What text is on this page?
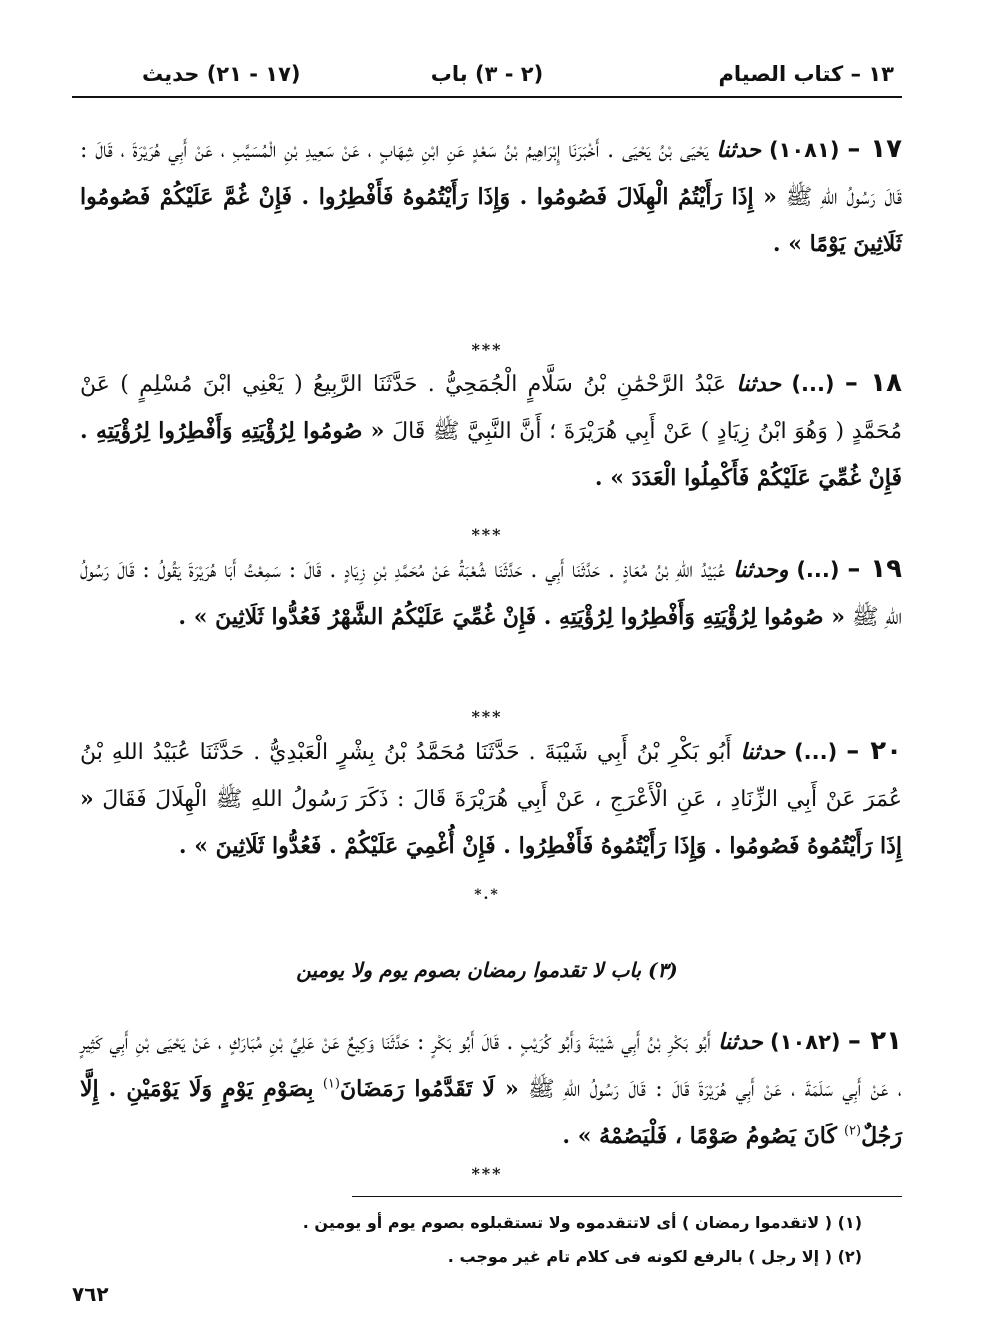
١٣ – كتاب الصيام
(٢ - ٣) باب
(١٧ - ٢١) حديث

١٧ – (١٠٨١) حدثنا يَحْيَى بْنُ يَحْيَى . أَخْبَرَنَا إِبْرَاهِيمُ بْنُ سَعْدٍ عَنِ ابْنِ شِهَابٍ ، عَنْ سَعِيدِ بْنِ الْمُسَيَّبِ ، عَنْ أَبِي هُرَيْرَةَ ، قَالَ : قَالَ رَسُولُ اللهِ ﷺ « إِذَا رَأَيْتُمُ الْهِلَالَ فَصُومُوا . وَإِذَا رَأَيْتُمُوهُ فَأَفْطِرُوا . فَإِنْ غُمَّ عَلَيْكُمْ فَصُومُوا ثَلَاثِينَ يَوْمًا » .

***

١٨ – (...) حدثنا عَبْدُ الرَّحْمَٰنِ بْنُ سَلَّامٍ الْجُمَحِيُّ . حَدَّثَنَا الرَّبِيعُ ( يَعْنِي ابْنَ مُسْلِمٍ ) عَنْ مُحَمَّدٍ ( وَهُوَ ابْنُ زِيَادٍ ) عَنْ أَبِي هُرَيْرَةَ ؛ أَنَّ النَّبِيَّ ﷺ قَالَ « صُومُوا لِرُؤْيَتِهِ وَأَفْطِرُوا لِرُؤْيَتِهِ . فَإِنْ غُمِّيَ عَلَيْكُمْ فَأَكْمِلُوا الْعَدَدَ » .

***

١٩ – (...) وحدثنا عُبَيْدُ اللهِ بْنُ مُعَاذٍ . حَدَّثَنَا أَبِي . حَدَّثَنَا شُعْبَةُ عَنْ مُحَمَّدِ بْنِ زِيَادٍ . قَالَ : سَمِعْتُ أَبَا هُرَيْرَةَ يَقُولُ : قَالَ رَسُولُ اللهِ ﷺ « صُومُوا لِرُؤْيَتِهِ وَأَفْطِرُوا لِرُؤْيَتِهِ . فَإِنْ غُمِّيَ عَلَيْكُمُ الشَّهْرُ فَعُدُّوا ثَلَاثِينَ » .

***

٢٠ – (...) حدثنا أَبُو بَكْرِ بْنُ أَبِي شَيْبَةَ . حَدَّثَنَا مُحَمَّدُ بْنُ بِشْرٍ الْعَبْدِيُّ . حَدَّثَنَا عُبَيْدُ اللهِ بْنُ عُمَرَ عَنْ أَبِي الزِّنَادِ ، عَنِ الْأَعْرَجِ ، عَنْ أَبِي هُرَيْرَةَ قَالَ : ذَكَرَ رَسُولُ اللهِ ﷺ الْهِلَالَ فَقَالَ « إِذَا رَأَيْتُمُوهُ فَصُومُوا . وَإِذَا رَأَيْتُمُوهُ فَأَفْطِرُوا . فَإِنْ أُغْمِيَ عَلَيْكُمْ . فَعُدُّوا ثَلَاثِينَ » .

*.*
(٣) باب لا تقدموا رمضان بصوم يوم ولا يومين

٢١ – (١٠٨٢) حدثنا أَبُو بَكْرِ بْنُ أَبِي شَيْبَةَ وَأَبُو كُرَيْبٍ . قَالَ أَبُو بَكْرٍ : حَدَّثَنَا وَكِيعٌ عَنْ عَلِيِّ بْنِ مُبَارَكٍ ، عَنْ يَحْيَى بْنِ أَبِي كَثِيرٍ ، عَنْ أَبِي سَلَمَةَ ، عَنْ أَبِي هُرَيْرَةَ قَالَ : قَالَ رَسُولُ اللهِ ﷺ « لَا تَقَدَّمُوا رَمَضَانَ$^{(١)}$ بِصَوْمِ يَوْمٍ وَلَا يَوْمَيْنِ . إِلَّا رَجُلٌ$^{(٢)}$ كَانَ يَصُومُ صَوْمًا ، فَلْيَصُمْهُ » .

***
(١) ( لاتقدموا رمضان ) أى لاتتقدموه ولا تستقبلوه بصوم يوم أو يومين .
(٢) ( إلا رجل ) بالرفع لكونه فى كلام تام غير موجب .
٧٦٢
